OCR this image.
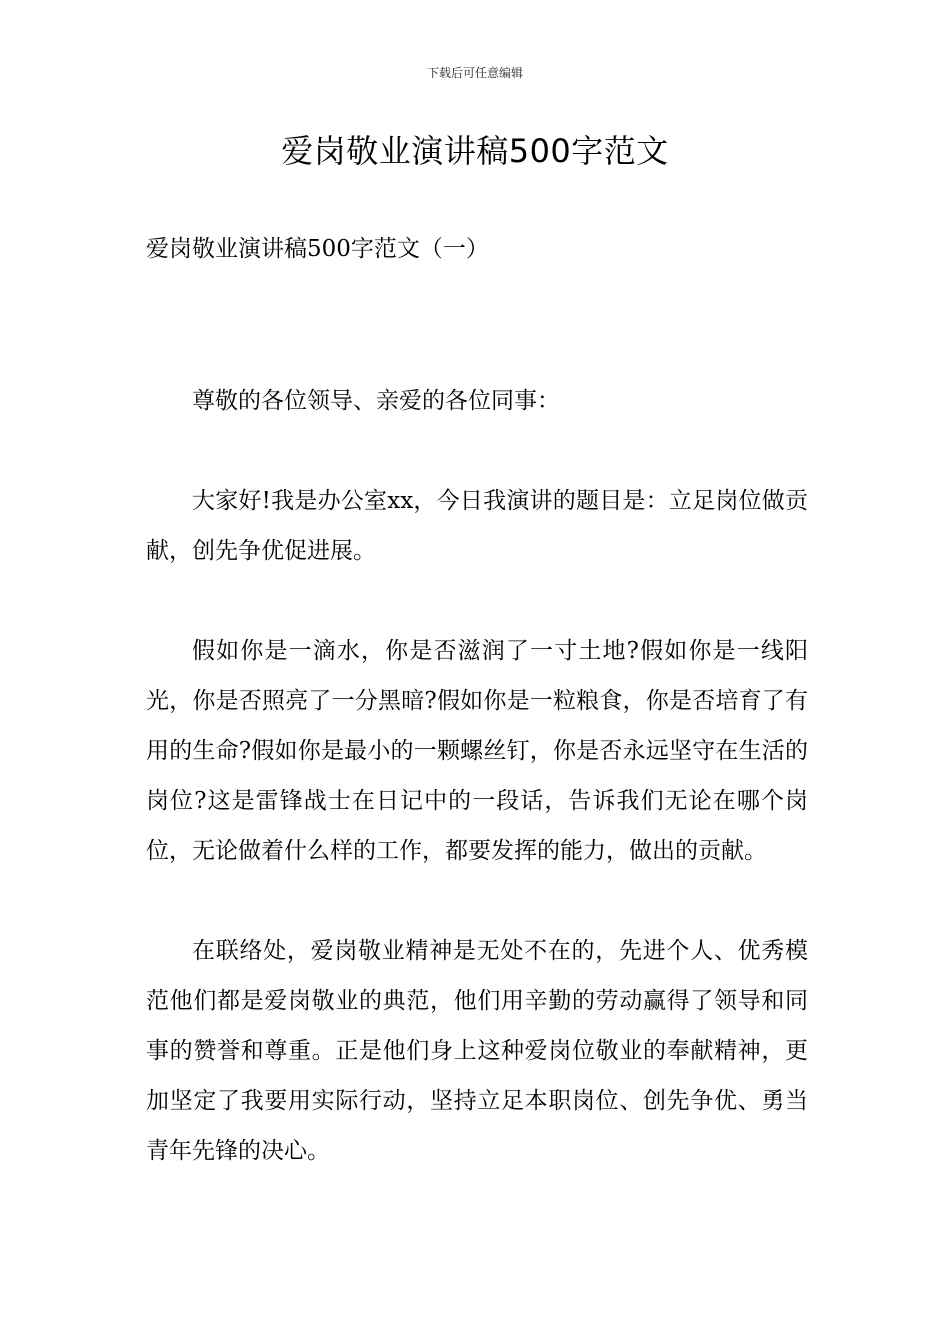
下载后可任意编辑
爱岗敬业演讲稿500字范文
爱岗敬业演讲稿500字范文（一）

尊敬的各位领导、亲爱的各位同事：

大家好!我是办公室xx，今日我演讲的题目是：立足岗位做贡献，创先争优促进展。

假如你是一滴水，你是否滋润了一寸土地?假如你是一线阳光，你是否照亮了一分黑暗?假如你是一粒粮食，你是否培育了有用的生命?假如你是最小的一颗螺丝钉，你是否永远坚守在生活的岗位?这是雷锋战士在日记中的一段话，告诉我们无论在哪个岗位，无论做着什么样的工作，都要发挥的能力，做出的贡献。

在联络处，爱岗敬业精神是无处不在的，先进个人、优秀模范他们都是爱岗敬业的典范，他们用辛勤的劳动赢得了领导和同事的赞誉和尊重。正是他们身上这种爱岗位敬业的奉献精神，更加坚定了我要用实际行动，坚持立足本职岗位、创先争优、勇当青年先锋的决心。
